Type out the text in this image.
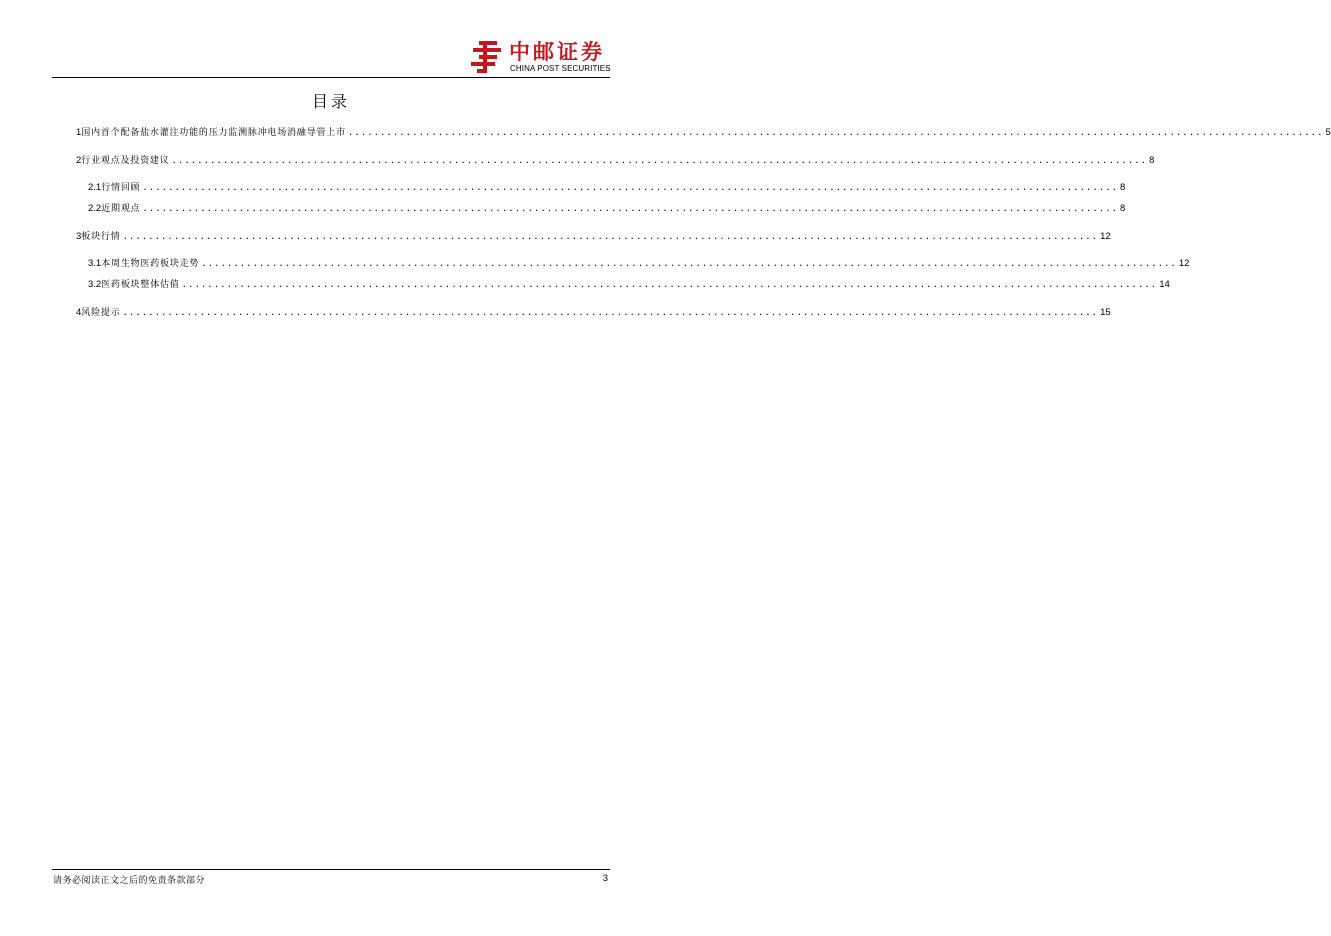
中邮证券
CHINA POST SECURITIES
目录
1 国内首个配备盐水灌注功能的压力监测脉冲电场消融导管上市 ........................................................................................................................................................ 5
2 行业观点及投资建议 ........................................................................................................................................................ 8
2.1 行情回顾 ........................................................................................................................................................ 8
2.2 近期观点 ........................................................................................................................................................ 8
3 板块行情 ........................................................................................................................................................ 12
3.1 本周生物医药板块走势 ........................................................................................................................................................ 12
3.2 医药板块整体估值 ........................................................................................................................................................ 14
4 风险提示 ........................................................................................................................................................ 15
请务必阅读正文之后的免责条款部分	3
